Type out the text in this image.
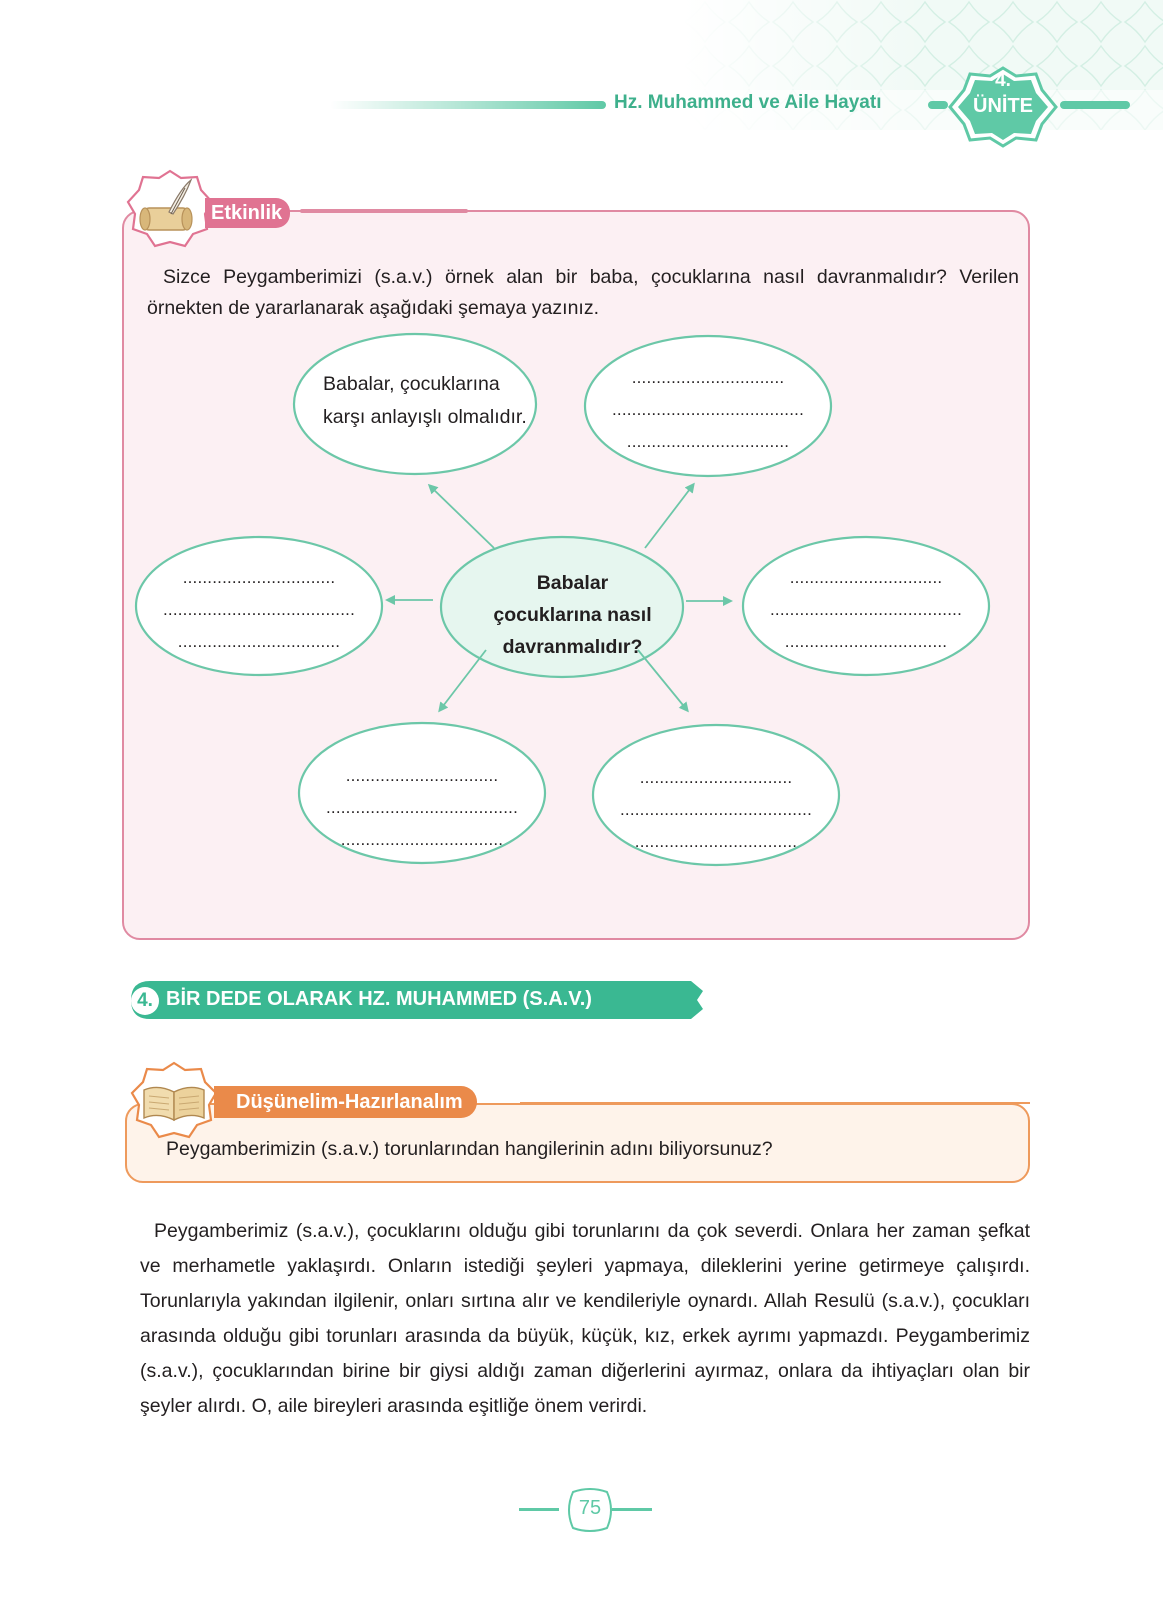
Hz. Muhammed ve Aile Hayatı
4.
ÜNİTE
Etkinlik
Sizce Peygamberimizi (s.a.v.) örnek alan bir baba, çocuklarına nasıl davranmalıdır? Verilen örnekten de yararlanarak aşağıdaki şemaya yazınız.
Babalar, çocuklarına
karşı anlayışlı olmalıdır.
...............................
.......................................
.................................
...............................
.......................................
.................................
Babalar
çocuklarına nasıl
davranmalıdır?
...............................
.......................................
.................................
...............................
.......................................
.................................
...............................
.......................................
.................................
4. BİR DEDE OLARAK HZ. MUHAMMED (S.A.V.)
Düşünelim-Hazırlanalım
Peygamberimizin (s.a.v.) torunlarından hangilerinin adını biliyorsunuz?
Peygamberimiz (s.a.v.), çocuklarını olduğu gibi torunlarını da çok severdi. Onlara her zaman şefkat ve merhametle yaklaşırdı. Onların istediği şeyleri yapmaya, dileklerini yerine getirmeye çalışırdı. Torunlarıyla yakından ilgilenir, onları sırtına alır ve kendileriyle oynardı. Allah Resulü (s.a.v.), çocukları arasında olduğu gibi torunları arasında da büyük, küçük, kız, erkek ayrımı yapmazdı. Peygamberimiz (s.a.v.), çocuklarından birine bir giysi aldığı zaman diğerlerini ayırmaz, onlara da ihtiyaçları olan bir şeyler alırdı. O, aile bireyleri arasında eşitliğe önem verirdi.
75
